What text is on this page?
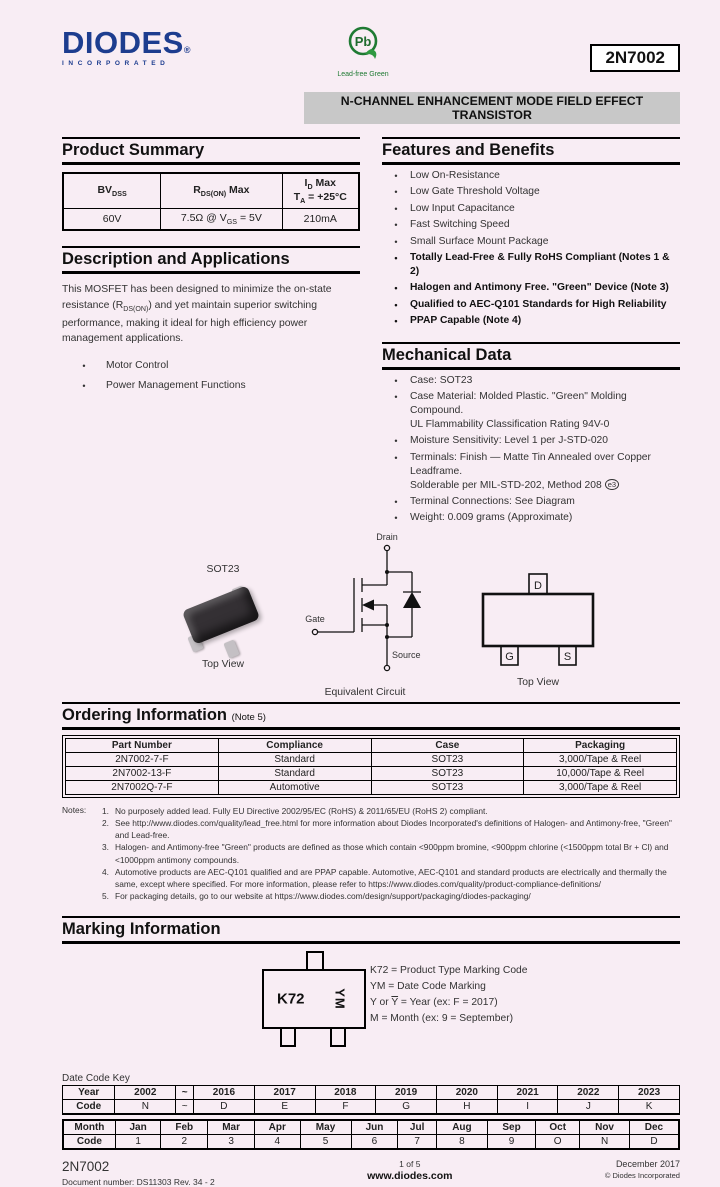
DIODES®
INCORPORATED
Pb
Lead-free Green
2N7002
N-CHANNEL ENHANCEMENT MODE FIELD EFFECT TRANSISTOR
Product Summary
$BV_{DSS}$	$R_{DS(ON)}$ Max	$I_D$ Max
$T_A = +25^\circ C$

60V	7.5Ω @ $V_{GS} = 5V$	210mA
Description and Applications
This MOSFET has been designed to minimize the on-state resistance $(R_{DS(ON)})$ and yet maintain superior switching performance, making it ideal for high efficiency power management applications.
•	Motor Control
•	Power Management Functions
Features and Benefits
•	Low On-Resistance
•	Low Gate Threshold Voltage
•	Low Input Capacitance
•	Fast Switching Speed
•	Small Surface Mount Package
•	Totally Lead-Free & Fully RoHS Compliant (Notes 1 & 2)
•	Halogen and Antimony Free. "Green" Device (Note 3)
•	Qualified to AEC-Q101 Standards for High Reliability
•	PPAP Capable (Note 4)
Mechanical Data
•	Case: SOT23
•	Case Material: Molded Plastic. "Green" Molding Compound.
UL Flammability Classification Rating 94V-0
•	Moisture Sensitivity: Level 1 per J-STD-020
•	Terminals: Finish — Matte Tin Annealed over Copper Leadframe.
Solderable per MIL-STD-202, Method 208 e3
•	Terminal Connections: See Diagram
•	Weight: 0.009 grams (Approximate)
SOT23
Top View
Drain
Gate
Source
Equivalent Circuit
D
G	S
Top View
Ordering Information (Note 5)
Part Number	Compliance	Case	Packaging
2N7002-7-F	Standard	SOT23	3,000/Tape & Reel
2N7002-13-F	Standard	SOT23	10,000/Tape & Reel
2N7002Q-7-F	Automotive	SOT23	3,000/Tape & Reel
Notes:	1. No purposely added lead. Fully EU Directive 2002/95/EC (RoHS) & 2011/65/EU (RoHS 2) compliant.
2. See http://www.diodes.com/quality/lead_free.html for more information about Diodes Incorporated's definitions of Halogen- and Antimony-free, "Green" and Lead-free.
3. Halogen- and Antimony-free "Green" products are defined as those which contain <900ppm bromine, <900ppm chlorine (<1500ppm total Br + Cl) and <1000ppm antimony compounds.
4. Automotive products are AEC-Q101 qualified and are PPAP capable. Automotive, AEC-Q101 and standard products are electrically and thermally the same, except where specified. For more information, please refer to https://www.diodes.com/quality/product-compliance-definitions/
5. For packaging details, go to our website at https://www.diodes.com/design/support/packaging/diodes-packaging/
Marking Information
K72 YM
K72 = Product Type Marking Code
YM = Date Code Marking
Y or $\overline{Y}$ = Year (ex: F = 2017)
M = Month (ex: 9 = September)
Date Code Key
Year	2002	~	2016	2017	2018	2019	2020	2021	2022	2023
Code	N	~	D	E	F	G	H	I	J	K
Month	Jan	Feb	Mar	Apr	May	Jun	Jul	Aug	Sep	Oct	Nov	Dec
Code	1	2	3	4	5	6	7	8	9	O	N	D
2N7002
Document number: DS11303 Rev. 34 - 2
1 of 5
www.diodes.com
December 2017
© Diodes Incorporated
